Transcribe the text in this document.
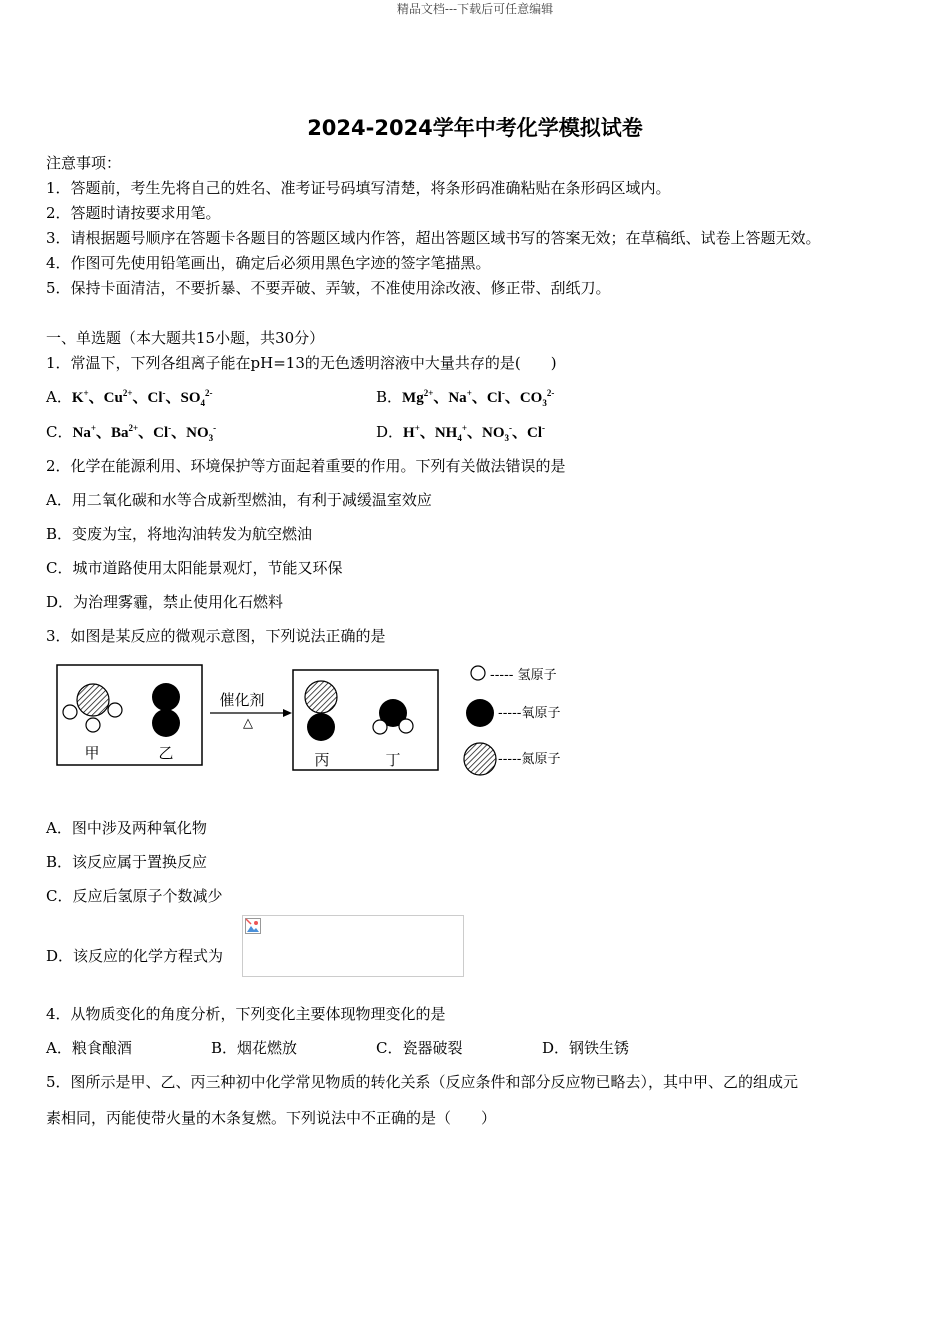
精品文档---下载后可任意编辑
2024-2024学年中考化学模拟试卷
注意事项：
1．答题前，考生先将自己的姓名、准考证号码填写清楚，将条形码准确粘贴在条形码区域内。
2．答题时请按要求用笔。
3．请根据题号顺序在答题卡各题目的答题区域内作答，超出答题区域书写的答案无效；在草稿纸、试卷上答题无效。
4．作图可先使用铅笔画出，确定后必须用黑色字迹的签字笔描黑。
5．保持卡面清洁，不要折暴、不要弄破、弄皱，不准使用涂改液、修正带、刮纸刀。
一、单选题（本大题共15小题，共30分）
1．常温下，下列各组离子能在pH=13的无色透明溶液中大量共存的是(　　)
A．K+、$Cu^{2+}$、Cl-、$SO_4^{2-}$	B．$Mg^{2+}$、Na+、Cl-、$CO_3^{2-}$
C．Na+、$Ba^{2+}$、Cl-、$NO_3^-$	D．H+、$NH_4^+$、$NO_3^-$、Cl-
2．化学在能源利用、环境保护等方面起着重要的作用。下列有关做法错误的是
A．用二氧化碳和水等合成新型燃油，有利于减缓温室效应
B．变废为宝，将地沟油转发为航空燃油
C．城市道路使用太阳能景观灯，节能又环保
D．为治理雾霾，禁止使用化石燃料
3．如图是某反应的微观示意图，下列说法正确的是
甲	乙
催化剂
△
丙	丁
----- 氢原子
-----氧原子
-----氮原子
A．图中涉及两种氧化物
B．该反应属于置换反应
C．反应后氢原子个数减少
D．该反应的化学方程式为
4．从物质变化的角度分析，下列变化主要体现物理变化的是
A．粮食酿酒	B．烟花燃放	C．瓷器破裂	D．钢铁生锈
5．图所示是甲、乙、丙三种初中化学常见物质的转化关系（反应条件和部分反应物已略去），其中甲、乙的组成元
素相同，丙能使带火量的木条复燃。下列说法中不正确的是（　　）
